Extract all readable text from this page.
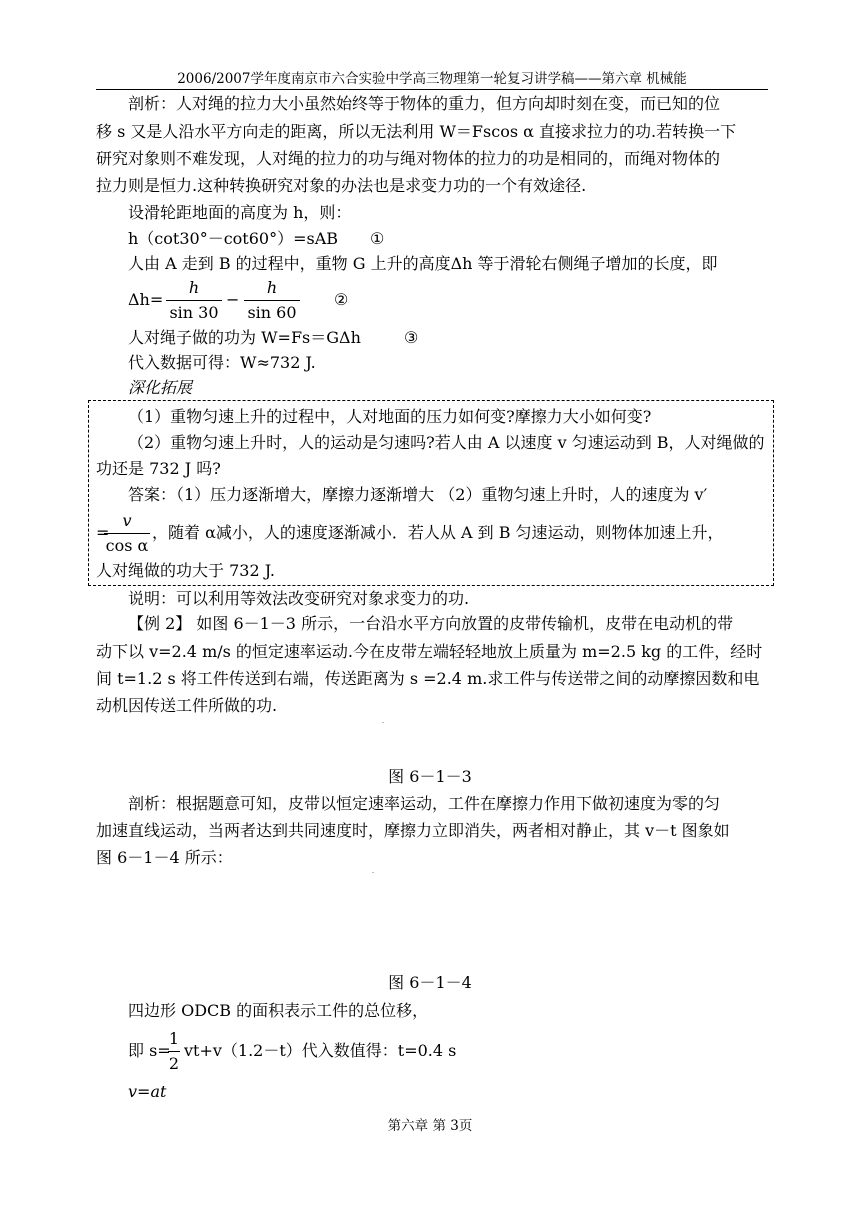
2006/2007学年度南京市六合实验中学高三物理第一轮复习讲学稿——第六章 机械能
剖析：人对绳的拉力大小虽然始终等于物体的重力，但方向却时刻在变，而已知的位
移 s 又是人沿水平方向走的距离，所以无法利用 W＝Fscos α 直接求拉力的功.若转换一下
研究对象则不难发现，人对绳的拉力的功与绳对物体的拉力的功是相同的，而绳对物体的
拉力则是恒力.这种转换研究对象的办法也是求变力功的一个有效途径.
设滑轮距地面的高度为 h，则：
h（cot30°－cot60°）=sAB ①
人由 A 走到 B 的过程中，重物 G 上升的高度Δh 等于滑轮右侧绳子增加的长度，即
Δh=
h
sin 30
−
h
sin 60
②
人对绳子做的功为 W=Fs＝GΔh	③
代入数据可得：W≈732 J.
深化拓展
（1）重物匀速上升的过程中，人对地面的压力如何变?摩擦力大小如何变?
（2）重物匀速上升时，人的运动是匀速吗?若人由 A 以速度 v 匀速运动到 B，人对绳做的
功还是 732 J 吗?
答案：（1）压力逐渐增大，摩擦力逐渐增大 （2）重物匀速上升时，人的速度为 v′
=
v
cos α
，随着 α减小，人的速度逐渐减小．若人从 A 到 B 匀速运动，则物体加速上升，
人对绳做的功大于 732 J.
说明：可以利用等效法改变研究对象求变力的功.
【例 2】 如图 6－1－3 所示，一台沿水平方向放置的皮带传输机，皮带在电动机的带
动下以 v=2.4 m/s 的恒定速率运动.今在皮带左端轻轻地放上质量为 m=2.5 kg 的工件，经时
间 t=1.2 s 将工件传送到右端，传送距离为 s =2.4 m.求工件与传送带之间的动摩擦因数和电
动机因传送工件所做的功.
图 6－1－3
剖析：根据题意可知，皮带以恒定速率运动，工件在摩擦力作用下做初速度为零的匀
加速直线运动，当两者达到共同速度时，摩擦力立即消失，两者相对静止，其 v－t 图象如
图 6－1－4 所示：
图 6－1－4
四边形 ODCB 的面积表示工件的总位移，
即 s=
1
2
vt+v（1.2－t）代入数值得：t=0.4 s
v=at
第六章 第 3页
